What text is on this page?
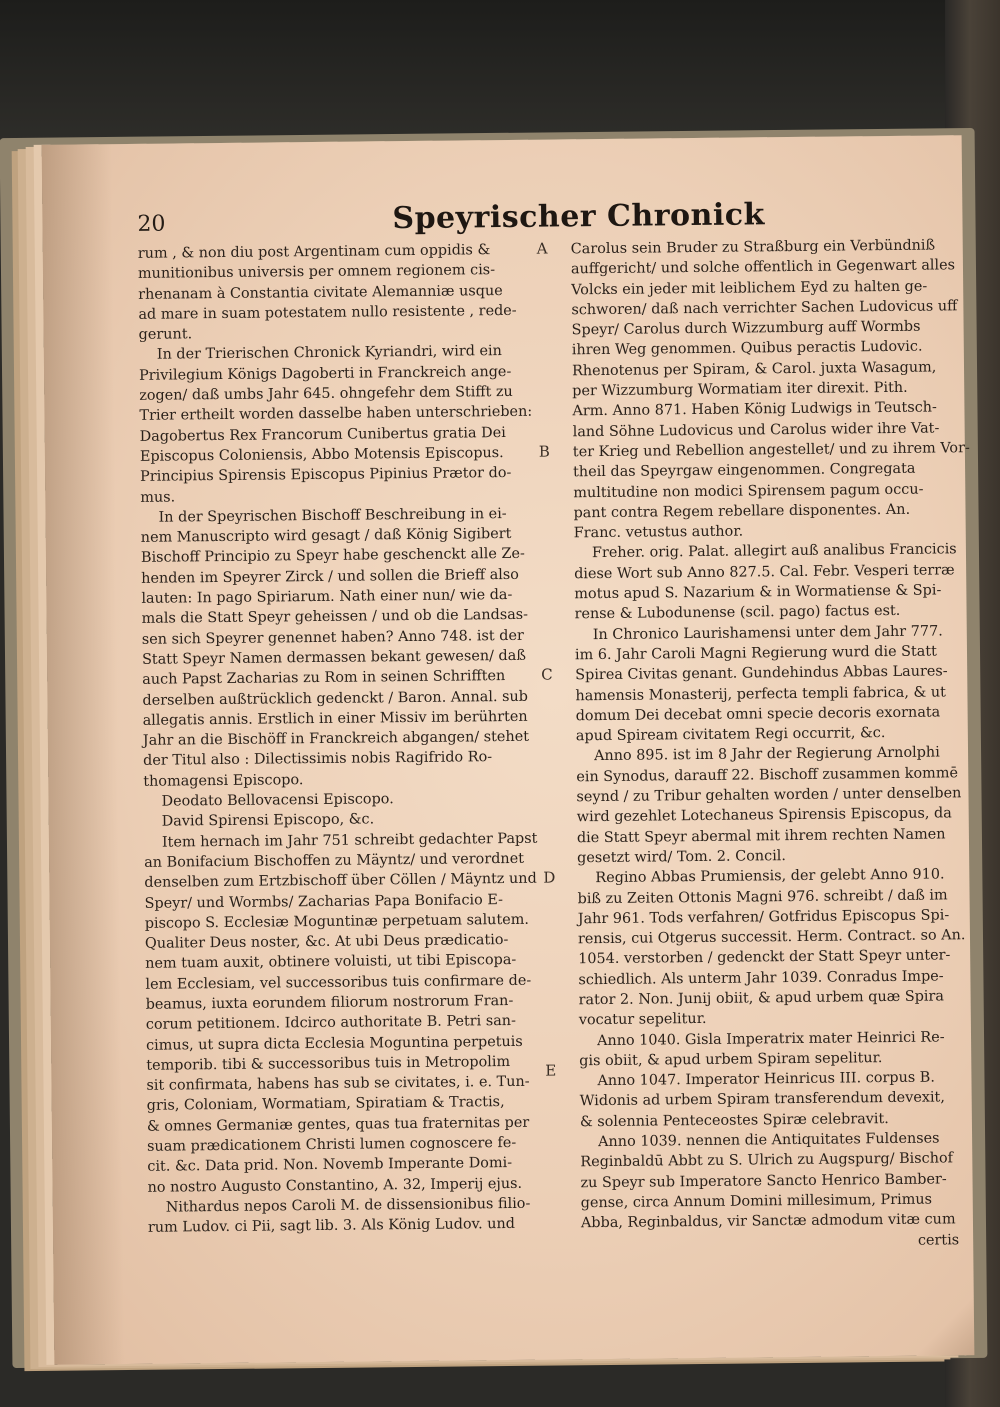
20	Speyrischer Chronick

rum , & non diu post Argentinam cum oppidis &

munitionibus universis per omnem regionem cis-

rhenanam à Constantia civitate Alemanniæ usque

ad mare in suam potestatem nullo resistente , rede-

gerunt.

In der Trierischen Chronick Kyriandri, wird ein

Privilegium Königs Dagoberti in Franckreich ange-

zogen/ daß umbs Jahr 645. ohngefehr dem Stifft zu

Trier ertheilt worden dasselbe haben unterschrieben:

Dagobertus Rex Francorum Cunibertus gratia Dei

Episcopus Coloniensis, Abbo Motensis Episcopus.

Principius Spirensis Episcopus Pipinius Prætor do-

mus.

In der Speyrischen Bischoff Beschreibung in ei-

nem Manuscripto wird gesagt / daß König Sigibert

Bischoff Principio zu Speyr habe geschenckt alle Ze-

henden im Speyrer Zirck / und sollen die Brieff also

lauten: In pago Spiriarum. Nath einer nun/ wie da-

mals die Statt Speyr geheissen / und ob die Landsas-

sen sich Speyrer genennet haben? Anno 748. ist der

Statt Speyr Namen dermassen bekant gewesen/ daß

auch Papst Zacharias zu Rom in seinen Schrifften

derselben außtrücklich gedenckt / Baron. Annal. sub

allegatis annis. Erstlich in einer Missiv im berührten

Jahr an die Bischöff in Franckreich abgangen/ stehet

der Titul also : Dilectissimis nobis Ragifrido Ro-

thomagensi Episcopo.

Deodato Bellovacensi Episcopo.

David Spirensi Episcopo, &c.

Item hernach im Jahr 751 schreibt gedachter Papst

an Bonifacium Bischoffen zu Mäyntz/ und verordnet

denselben zum Ertzbischoff über Cöllen / Mäyntz und

Speyr/ und Wormbs/ Zacharias Papa Bonifacio E-

piscopo S. Ecclesiæ Moguntinæ perpetuam salutem.

Qualiter Deus noster, &c. At ubi Deus prædicatio-

nem tuam auxit, obtinere voluisti, ut tibi Episcopa-

lem Ecclesiam, vel successoribus tuis confirmare de-

beamus, iuxta eorundem filiorum nostrorum Fran-

corum petitionem. Idcirco authoritate B. Petri san-

cimus, ut supra dicta Ecclesia Moguntina perpetuis

temporib. tibi & successoribus tuis in Metropolim

sit confirmata, habens has sub se civitates, i. e. Tun-

gris, Coloniam, Wormatiam, Spiratiam & Tractis,

& omnes Germaniæ gentes, quas tua fraternitas per

suam prædicationem Christi lumen cognoscere fe-

cit. &c. Data prid. Non. Novemb Imperante Domi-

no nostro Augusto Constantino, A. 32, Imperij ejus.

Nithardus nepos Caroli M. de dissensionibus filio-

rum Ludov. ci Pii, sagt lib. 3. Als König Ludov. und

A
B
C
D
E

Carolus sein Bruder zu Straßburg ein Verbündniß

auffgericht/ und solche offentlich in Gegenwart alles

Volcks ein jeder mit leiblichem Eyd zu halten ge-

schworen/ daß nach verrichter Sachen Ludovicus uff

Speyr/ Carolus durch Wizzumburg auff Wormbs

ihren Weg genommen. Quibus peractis Ludovic.

Rhenotenus per Spiram, & Carol. juxta Wasagum,

per Wizzumburg Wormatiam iter direxit. Pith.

Arm. Anno 871. Haben König Ludwigs in Teutsch-

land Söhne Ludovicus und Carolus wider ihre Vat-

ter Krieg und Rebellion angestellet/ und zu ihrem Vor-

theil das Speyrgaw eingenommen. Congregata

multitudine non modici Spirensem pagum occu-

pant contra Regem rebellare disponentes. An.

Franc. vetustus author.

Freher. orig. Palat. allegirt auß analibus Francicis

diese Wort sub Anno 827.5. Cal. Febr. Vesperi terræ

motus apud S. Nazarium & in Wormatiense & Spi-

rense & Lubodunense (scil. pago) factus est.

In Chronico Laurishamensi unter dem Jahr 777.

im 6. Jahr Caroli Magni Regierung wurd die Statt

Spirea Civitas genant. Gundehindus Abbas Laures-

hamensis Monasterij, perfecta templi fabrica, & ut

domum Dei decebat omni specie decoris exornata

apud Spiream civitatem Regi occurrit, &c.

Anno 895. ist im 8 Jahr der Regierung Arnolphi

ein Synodus, darauff 22. Bischoff zusammen kommē

seynd / zu Tribur gehalten worden / unter denselben

wird gezehlet Lotechaneus Spirensis Episcopus, da

die Statt Speyr abermal mit ihrem rechten Namen

gesetzt wird/ Tom. 2. Concil.

Regino Abbas Prumiensis, der gelebt Anno 910.

biß zu Zeiten Ottonis Magni 976. schreibt / daß im

Jahr 961. Tods verfahren/ Gotfridus Episcopus Spi-

rensis, cui Otgerus successit. Herm. Contract. so An.

1054. verstorben / gedenckt der Statt Speyr unter-

schiedlich. Als unterm Jahr 1039. Conradus Impe-

rator 2. Non. Junij obiit, & apud urbem quæ Spira

vocatur sepelitur.

Anno 1040. Gisla Imperatrix mater Heinrici Re-

gis obiit, & apud urbem Spiram sepelitur.

Anno 1047. Imperator Heinricus III. corpus B.

Widonis ad urbem Spiram transferendum devexit,

& solennia Penteceostes Spiræ celebravit.

Anno 1039. nennen die Antiquitates Fuldenses

Reginbaldū Abbt zu S. Ulrich zu Augspurg/ Bischof

zu Speyr sub Imperatore Sancto Henrico Bamber-

gense, circa Annum Domini millesimum, Primus

Abba, Reginbaldus, vir Sanctæ admodum vitæ cum

certis
